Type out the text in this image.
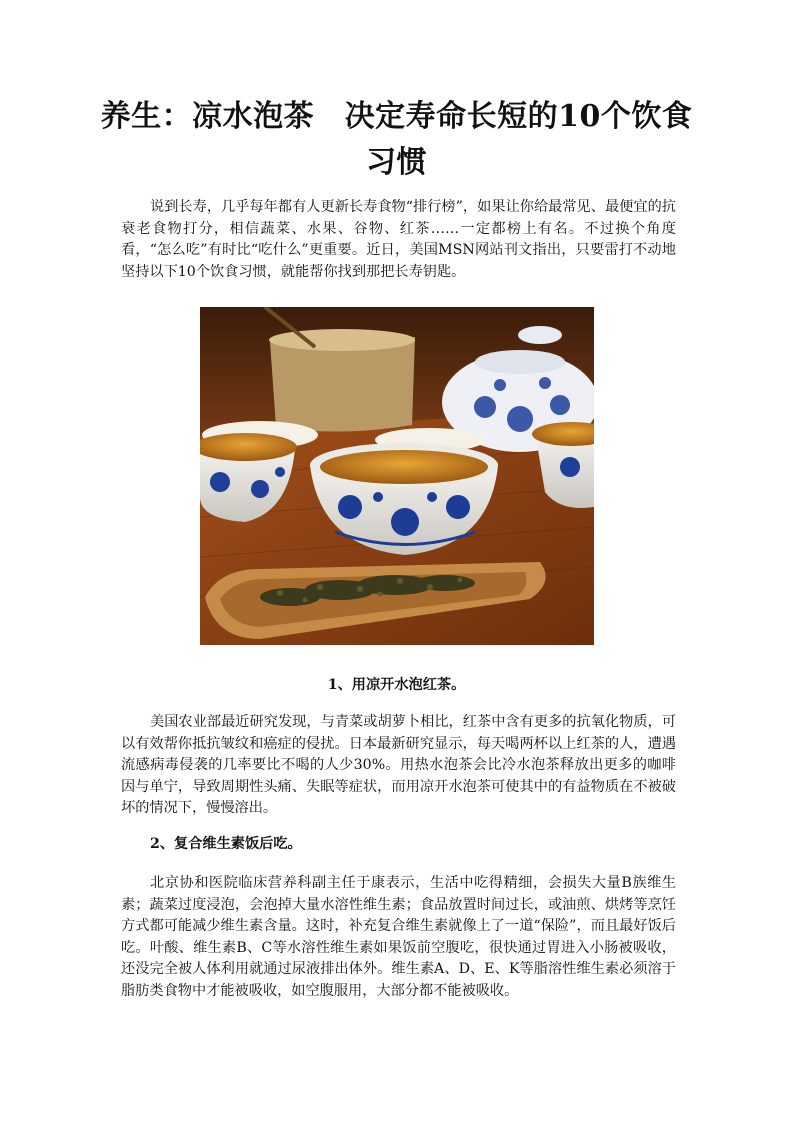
养生：凉水泡茶　决定寿命长短的10个饮食习惯

说到长寿，几乎每年都有人更新长寿食物“排行榜”，如果让你给最常见、最便宜的抗衰老食物打分，相信蔬菜、水果、谷物、红茶……一定都榜上有名。不过换个角度看，“怎么吃”有时比“吃什么”更重要。近日，美国MSN网站刊文指出，只要雷打不动地坚持以下10个饮食习惯，就能帮你找到那把长寿钥匙。

1、用凉开水泡红茶。

美国农业部最近研究发现，与青菜或胡萝卜相比，红茶中含有更多的抗氧化物质，可以有效帮你抵抗皱纹和癌症的侵扰。日本最新研究显示，每天喝两杯以上红茶的人，遭遇流感病毒侵袭的几率要比不喝的人少30%。用热水泡茶会比冷水泡茶释放出更多的咖啡因与单宁，导致周期性头痛、失眠等症状，而用凉开水泡茶可使其中的有益物质在不被破坏的情况下，慢慢溶出。

2、复合维生素饭后吃。

北京协和医院临床营养科副主任于康表示，生活中吃得精细，会损失大量B族维生素；蔬菜过度浸泡，会泡掉大量水溶性维生素；食品放置时间过长，或油煎、烘烤等烹饪方式都可能减少维生素含量。这时，补充复合维生素就像上了一道“保险”，而且最好饭后吃。叶酸、维生素B、C等水溶性维生素如果饭前空腹吃，很快通过胃进入小肠被吸收，还没完全被人体利用就通过尿液排出体外。维生素A、D、E、K等脂溶性维生素必须溶于脂肪类食物中才能被吸收，如空腹服用，大部分都不能被吸收。
